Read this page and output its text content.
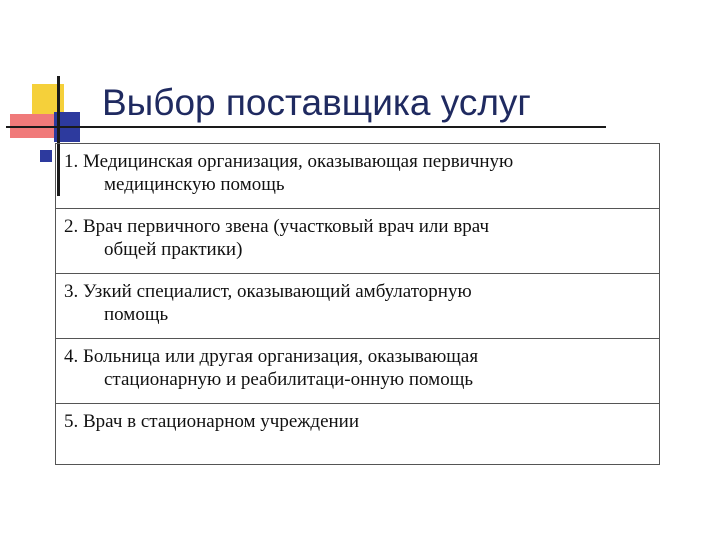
Выбор поставщика услуг
1. Медицинская организация, оказывающая первичную
медицинскую помощь
2. Врач первичного звена (участковый врач или врач
общей практики)
3. Узкий специалист, оказывающий амбулаторную
помощь
4. Больница или другая организация, оказывающая
стационарную и реабилитаци-онную помощь
5. Врач в стационарном учреждении
